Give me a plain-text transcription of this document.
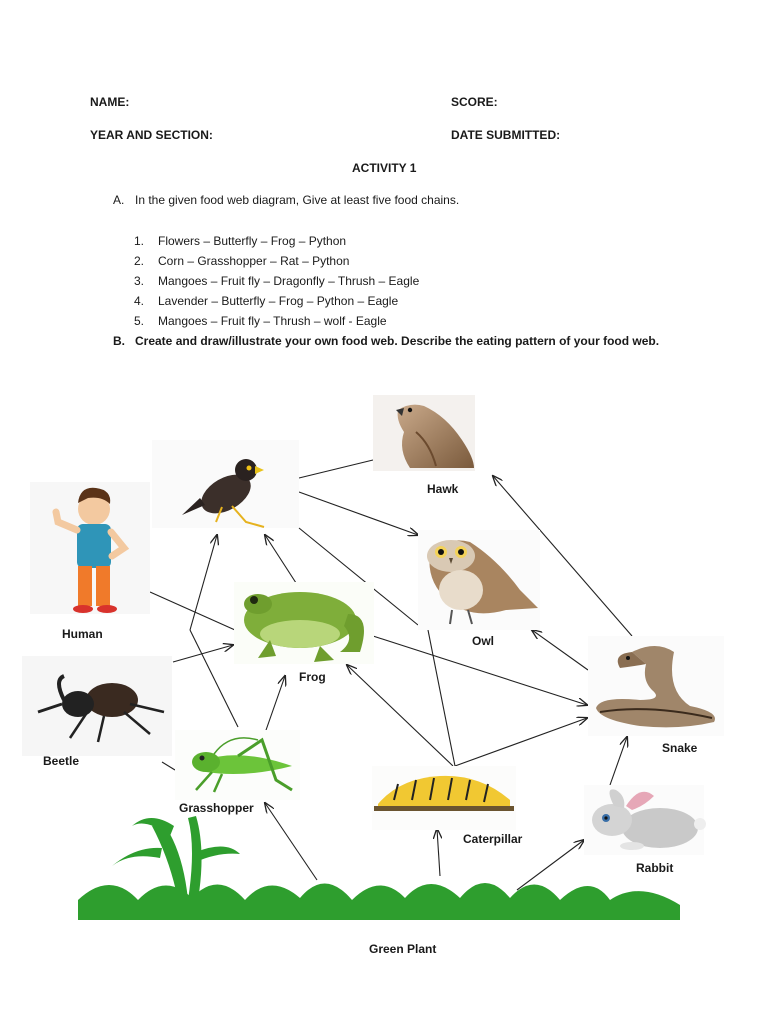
NAME:	SCORE:
YEAR AND SECTION:	DATE SUBMITTED:
ACTIVITY 1
A. In the given food web diagram, Give at least five food chains.
1. Flowers – Butterfly – Frog – Python
2. Corn – Grasshopper – Rat – Python
3. Mangoes – Fruit fly – Dragonfly – Thrush – Eagle
4. Lavender – Butterfly – Frog – Python – Eagle
5. Mangoes – Fruit fly – Thrush – wolf - Eagle
B. Create and draw/illustrate your own food web. Describe the eating pattern of your food web.
Hawk
Human	Owl
Frog
Beetle
Snake
Grasshopper
Caterpillar
Rabbit
Green Plant
